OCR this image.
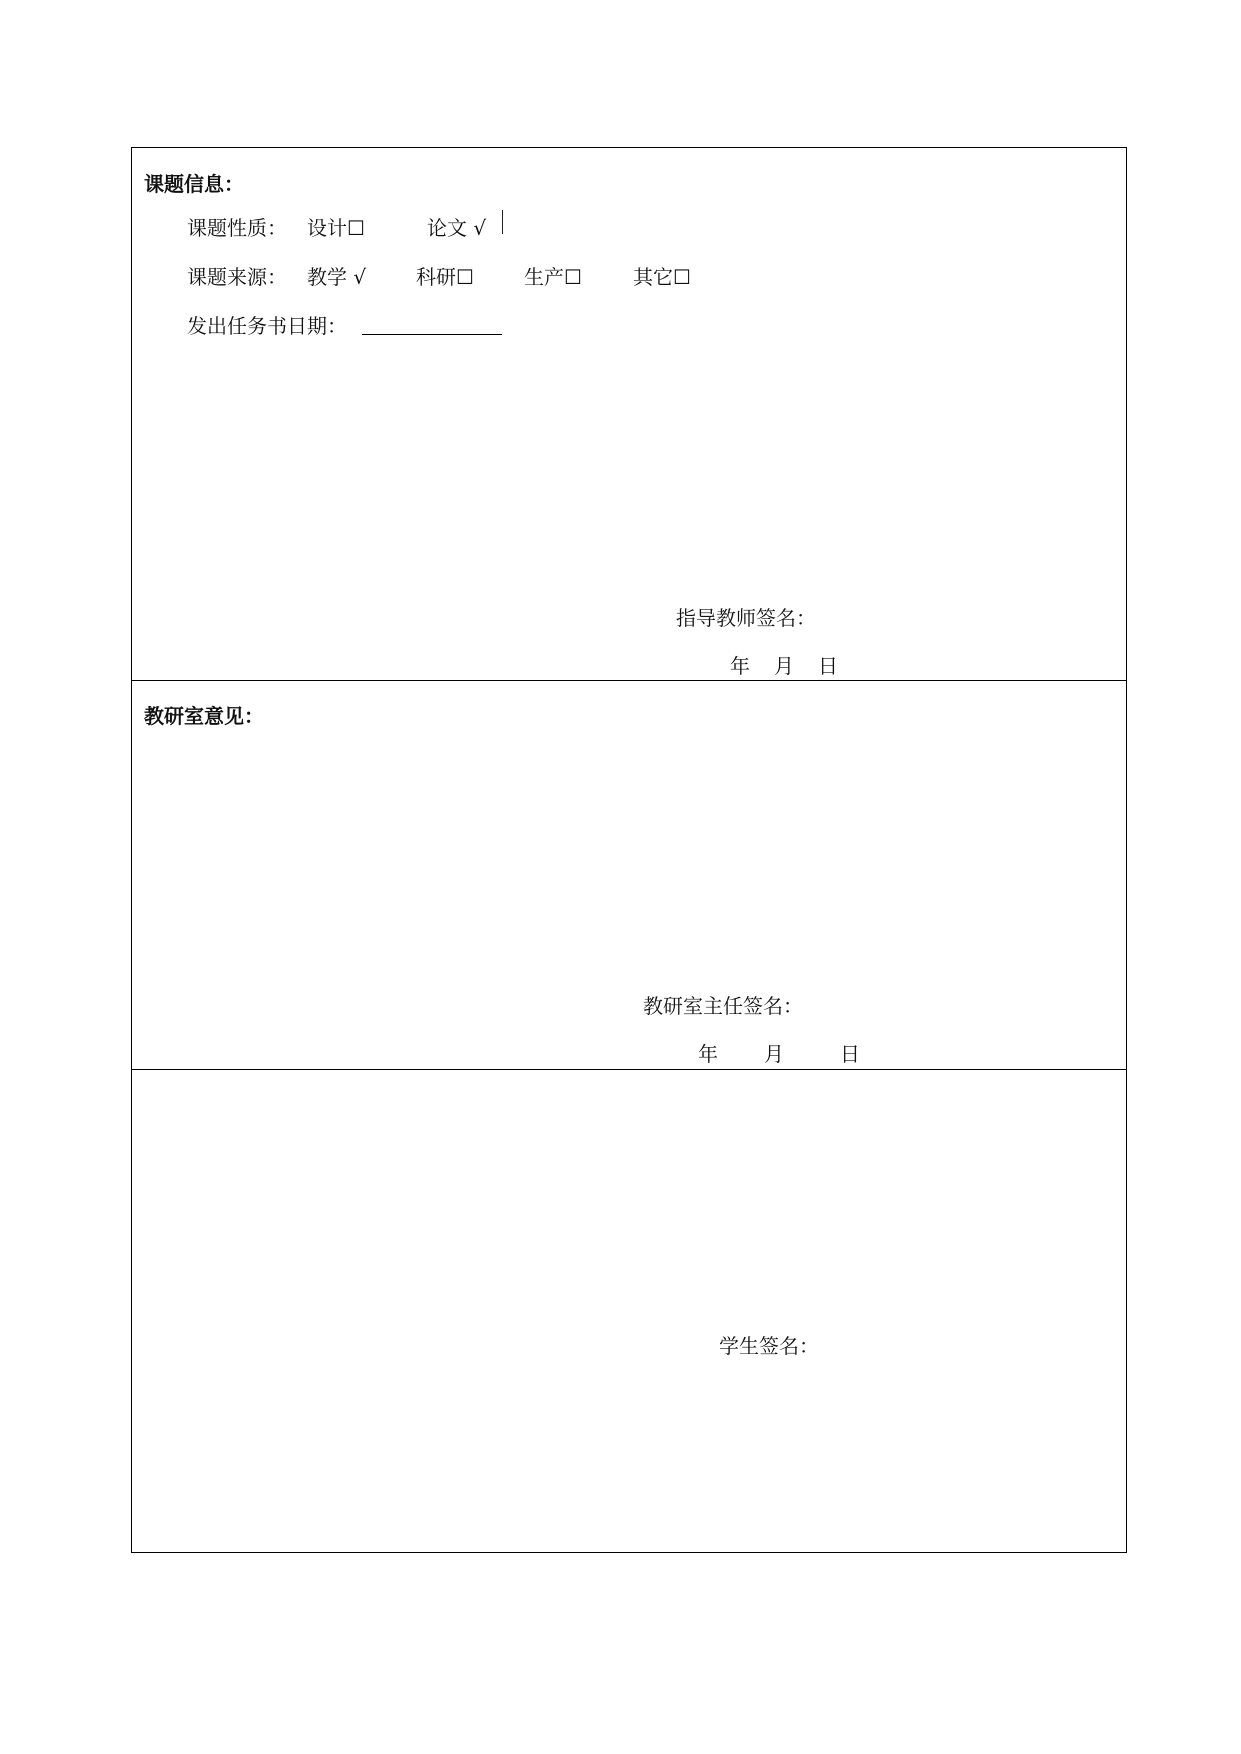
课题信息：
课题性质： 设计☐	论文 √
课题来源： 教学 √ 科研☐	生产☐	其它☐
发出任务书日期：
指导教师签名：
年 月 日
教研室意见：
教研室主任签名：
年 月	日
学生签名：
